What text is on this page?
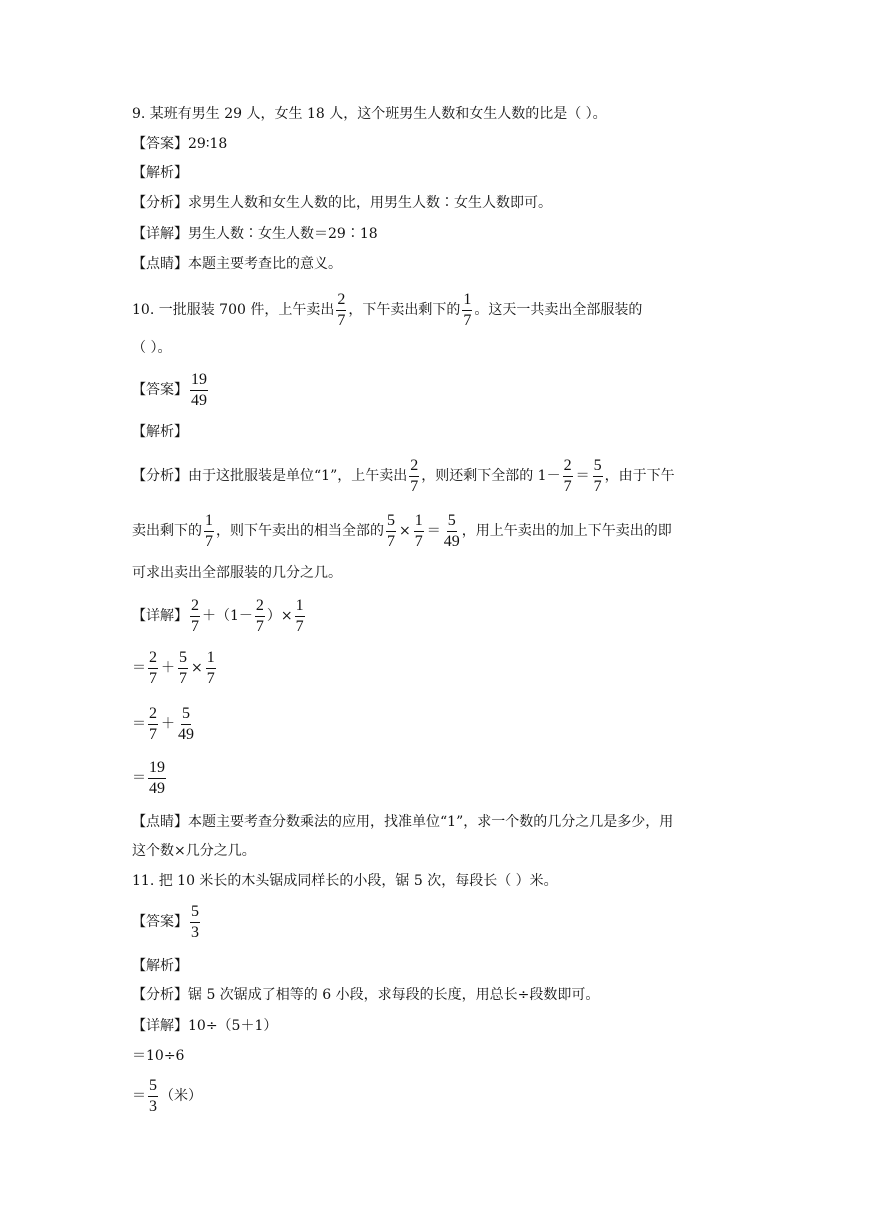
9. 某班有男生 29 人，女生 18 人，这个班男生人数和女生人数的比是（ ）。
【答案】 29∶18
【解析】
【分析】 求男生人数和女生人数的比，用男生人数∶女生人数即可。
【详解】 男生人数∶女生人数＝29∶18
【点睛】 本题主要考查比的意义。
10. 一批服装 700 件，上午卖出 $\frac{2}{7}$ ，下午卖出剩下的 $\frac{1}{7}$ 。这天一共卖出全部服装的
（ ）。
【答案】 $\frac{19}{49}$
【解析】
【分析】 由于这批服装是单位“1”，上午卖出 $\frac{2}{7}$ ，则还剩下全部的 $1- \frac{2}{7} = \frac{5}{7}$ ，由于下午
卖出剩下的 $\frac{1}{7}$ ，则下午卖出的相当全部的 $\frac{5}{7} \times \frac{1}{7} = \frac{5}{49}$ ，用上午卖出的加上下午卖出的即
可求出卖出全部服装的几分之几。
【详解】 $\frac{2}{7} +(1- \frac{2}{7}$ ）× $\frac{1}{7}$
＝ $\frac{2}{7} + \frac{5}{7} \times \frac{1}{7}$
＝ $\frac{2}{7} + \frac{5}{49}$
＝ $\frac{19}{49}$
【点睛】 本题主要考查分数乘法的应用，找准单位“1”，求一个数的几分之几是多少，用
这个数×几分之几。
11. 把 10 米长的木头锯成同样长的小段，锯 5 次，每段长（ ）米。
【答案】 $\frac{5}{3}$
【解析】
【分析】 锯 5 次锯成了相等的 6 小段，求每段的长度，用总长÷段数即可。
【详解】 10÷（5＋1）
＝10÷6
＝ $\frac{5}{3}$ （米）
